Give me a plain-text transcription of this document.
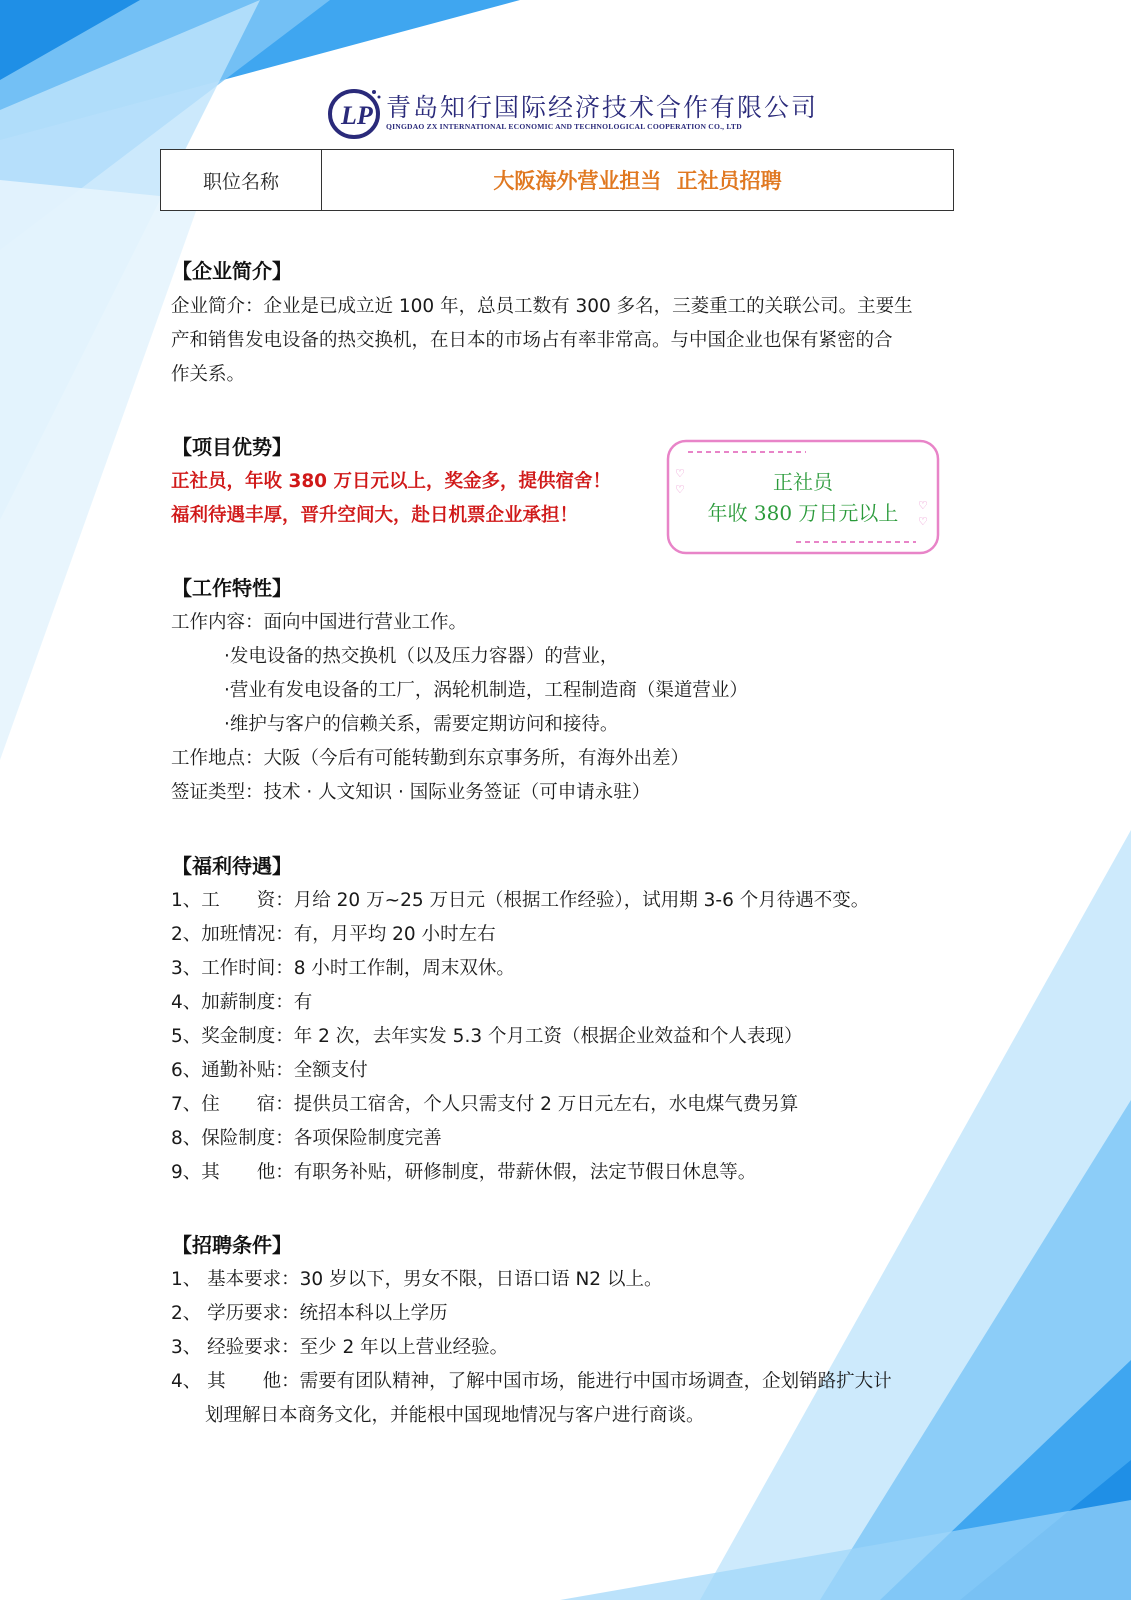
LP 青岛知行国际经济技术合作有限公司
QINGDAO ZX INTERNATIONAL ECONOMIC AND TECHNOLOGICAL COOPERATION CO., LTD
职位名称	大阪海外营业担当 正社员招聘
【企业简介】
企业简介：企业是已成立近 100 年，总员工数有 300 多名，三菱重工的关联公司。主要生
产和销售发电设备的热交换机，在日本的市场占有率非常高。与中国企业也保有紧密的合
作关系。
【项目优势】
正社员，年收 380 万日元以上，奖金多，提供宿舍！
福利待遇丰厚，晋升空间大，赴日机票企业承担！
♡
♡
♡
♡
正社员
年收 380 万日元以上
【工作特性】
工作内容：面向中国进行营业工作。
·发电设备的热交换机（以及压力容器）的营业，
·营业有发电设备的工厂，涡轮机制造，工程制造商（渠道营业）
·维护与客户的信赖关系，需要定期访问和接待。
工作地点：大阪（今后有可能转勤到东京事务所，有海外出差）
签证类型：技术 · 人文知识 · 国际业务签证（可申请永驻）
【福利待遇】
1、工　　资：月给 20 万~25 万日元（根据工作经验），试用期 3-6 个月待遇不变。
2、加班情况：有，月平均 20 小时左右
3、工作时间：8 小时工作制，周末双休。
4、加薪制度：有
5、奖金制度：年 2 次，去年实发 5.3 个月工资（根据企业效益和个人表现）
6、通勤补贴：全额支付
7、住　　宿：提供员工宿舍，个人只需支付 2 万日元左右，水电煤气费另算
8、保险制度：各项保险制度完善
9、其　　他：有职务补贴，研修制度，带薪休假，法定节假日休息等。
【招聘条件】
1、 基本要求：30 岁以下，男女不限，日语口语 N2 以上。
2、 学历要求：统招本科以上学历
3、 经验要求：至少 2 年以上营业经验。
4、 其　　他：需要有团队精神，了解中国市场，能进行中国市场调查，企划销路扩大计
划理解日本商务文化，并能根中国现地情况与客户进行商谈。
